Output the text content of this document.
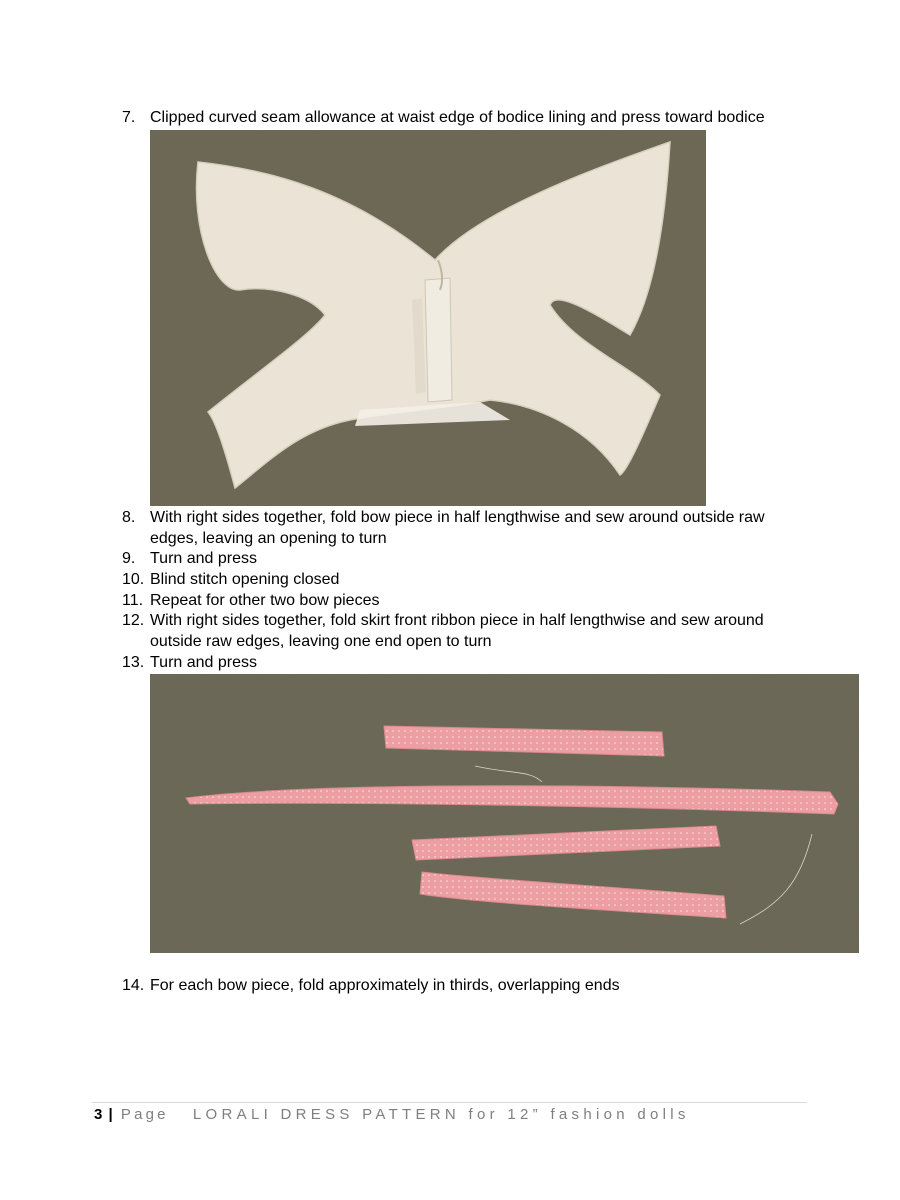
7. Clipped curved seam allowance at waist edge of bodice lining and press toward bodice
8. With right sides together, fold bow piece in half lengthwise and sew around outside raw edges, leaving an opening to turn
9. Turn and press
10. Blind stitch opening closed
11. Repeat for other two bow pieces
12. With right sides together, fold skirt front ribbon piece in half lengthwise and sew around outside raw edges, leaving one end open to turn
13. Turn and press
14. For each bow piece, fold approximately in thirds, overlapping ends
3 | Page LORALI DRESS PATTERN for 12” fashion dolls
